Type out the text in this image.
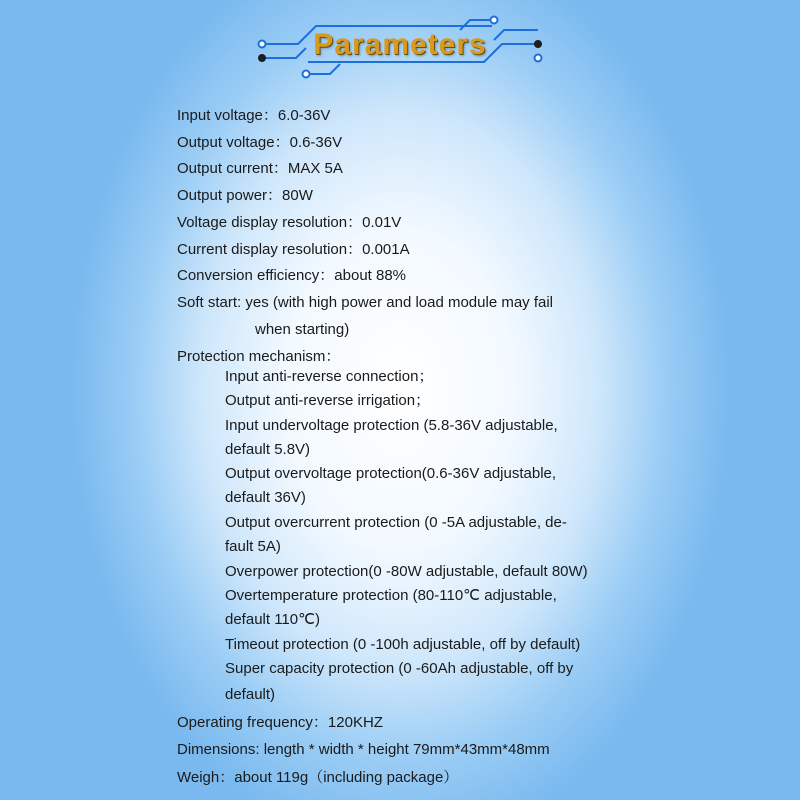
Parameters
Input voltage：6.0-36V
Output voltage：0.6-36V
Output current：MAX 5A
Output power：80W
Voltage display resolution：0.01V
Current display resolution：0.001A
Conversion efficiency：about 88%
Soft start: yes (with high power and load module may fail
when starting)
Protection mechanism：
Input anti-reverse connection；
Output anti-reverse irrigation；
Input undervoltage protection (5.8-36V adjustable,
default 5.8V)
Output overvoltage protection(0.6-36V adjustable,
default 36V)
Output overcurrent protection (0 -5A adjustable, de-
fault 5A)
Overpower protection(0 -80W adjustable, default 80W)
Overtemperature protection (80-110℃ adjustable,
default 110℃)
Timeout protection (0 -100h adjustable, off by default)
Super capacity protection (0 -60Ah adjustable, off by
default)
Operating frequency：120KHZ
Dimensions: length * width * height 79mm*43mm*48mm
Weigh：about 119g（including package）
